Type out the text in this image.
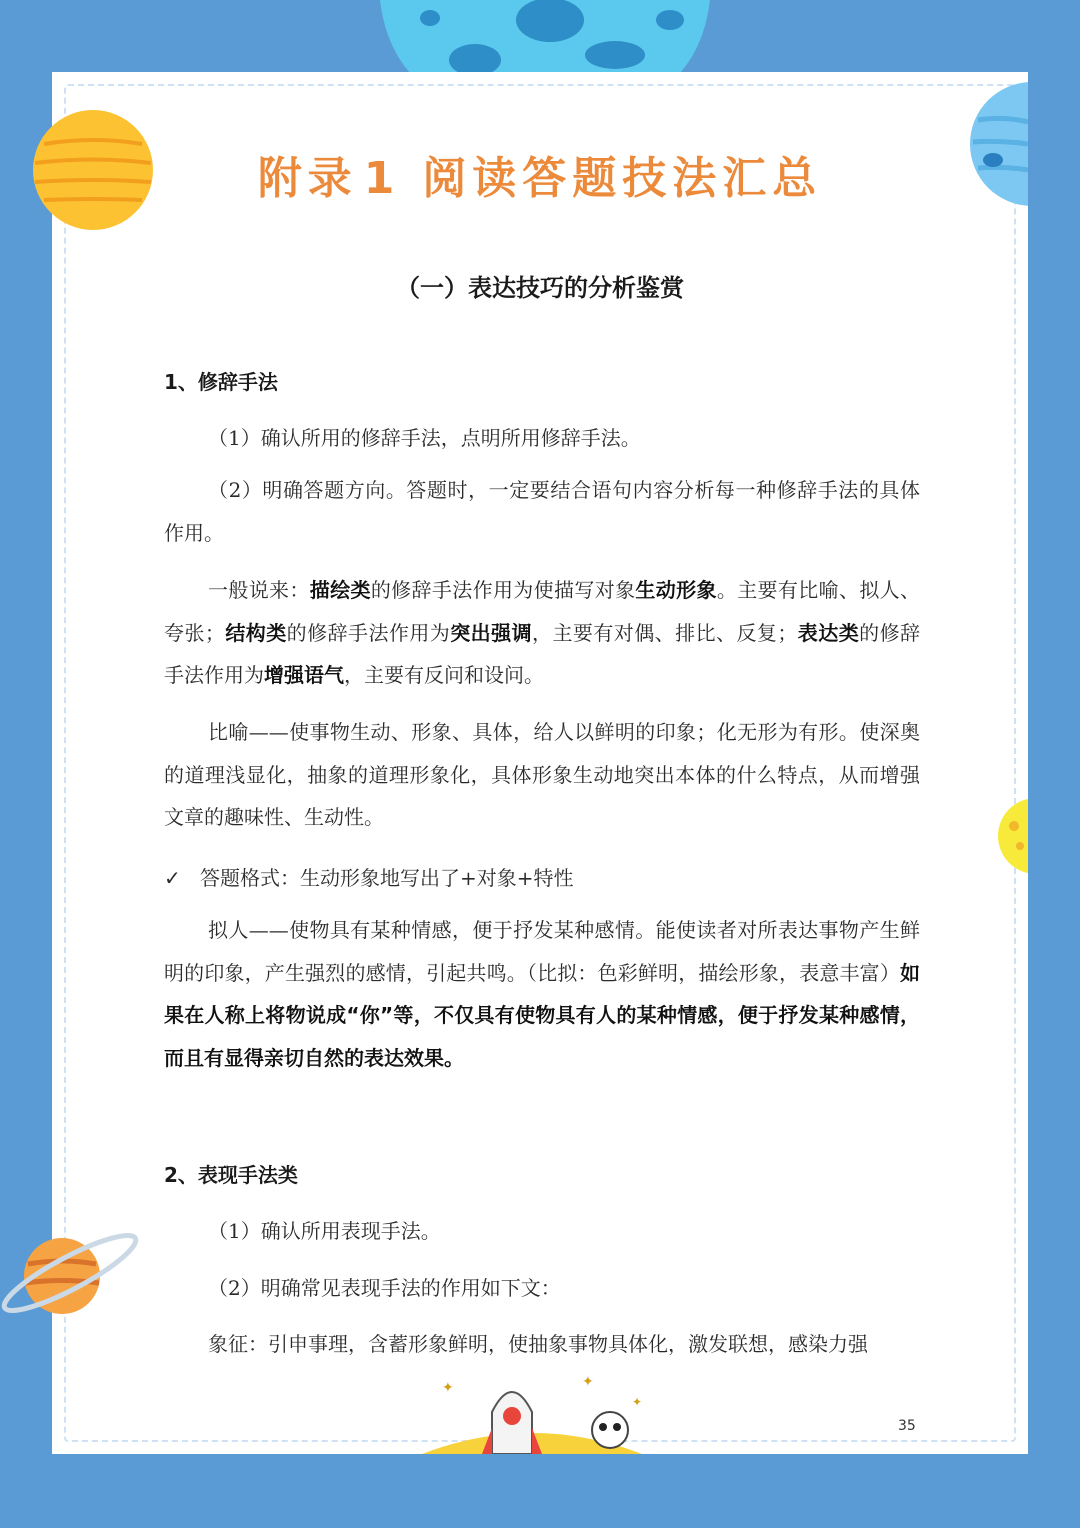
✦	✦
✦
35
附录 1 阅读答题技法汇总
（一）表达技巧的分析鉴赏
1、修辞手法
（1）确认所用的修辞手法，点明所用修辞手法。
（2）明确答题方向。答题时，一定要结合语句内容分析每一种修辞手法的具体作用。
一般说来：描绘类的修辞手法作用为使描写对象生动形象。主要有比喻、拟人、夸张；结构类的修辞手法作用为突出强调，主要有对偶、排比、反复；表达类的修辞手法作用为增强语气，主要有反问和设问。
比喻——使事物生动、形象、具体，给人以鲜明的印象；化无形为有形。使深奥的道理浅显化，抽象的道理形象化，具体形象生动地突出本体的什么特点，从而增强文章的趣味性、生动性。
✓ 答题格式：生动形象地写出了+对象+特性
拟人——使物具有某种情感，便于抒发某种感情。能使读者对所表达事物产生鲜明的印象，产生强烈的感情，引起共鸣。（比拟：色彩鲜明，描绘形象，表意丰富）如果在人称上将物说成“你”等，不仅具有使物具有人的某种情感，便于抒发某种感情，而且有显得亲切自然的表达效果。
2、表现手法类
（1）确认所用表现手法。
（2）明确常见表现手法的作用如下文：
象征：引申事理，含蓄形象鲜明，使抽象事物具体化，激发联想，感染力强
